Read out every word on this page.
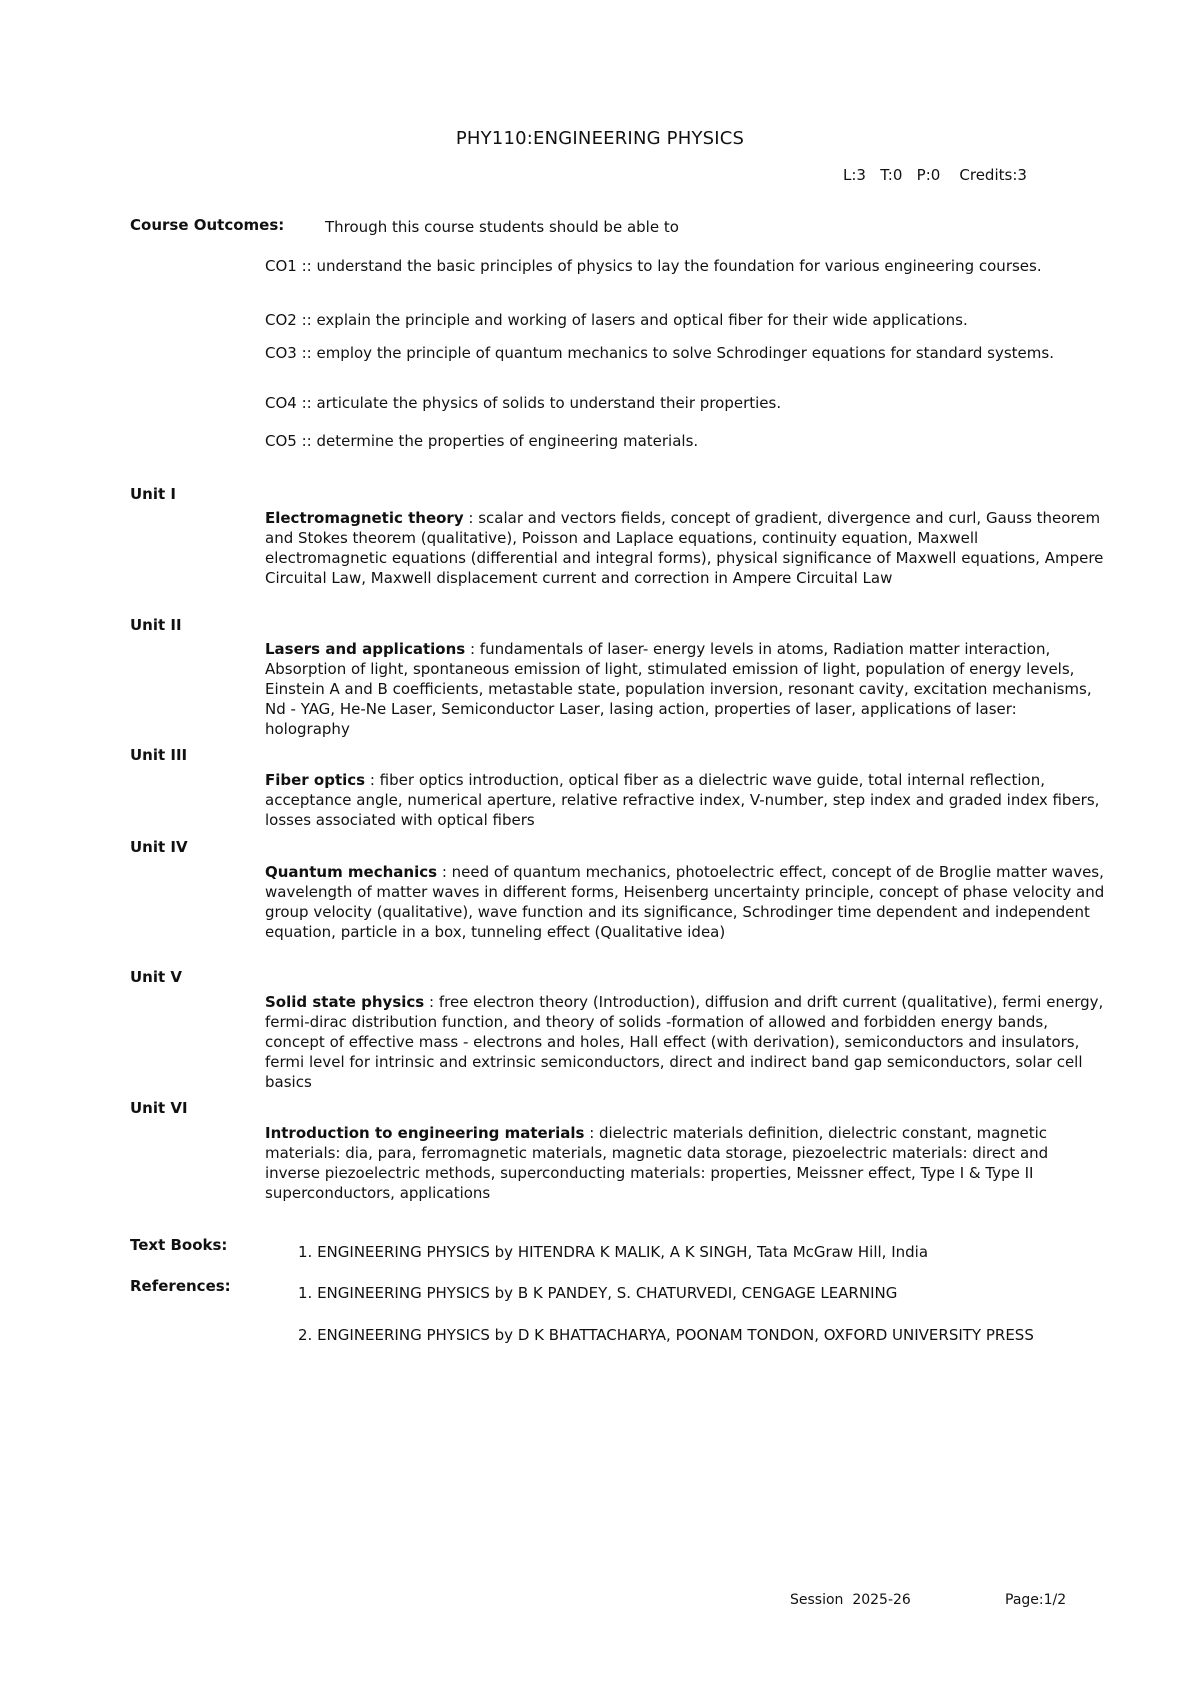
PHY110:ENGINEERING PHYSICS
L:3   T:0   P:0    Credits:3
Course Outcomes:	Through this course students should be able to
CO1 :: understand the basic principles of physics to lay the foundation for various engineering courses.
CO2 :: explain the principle and working of lasers and optical fiber for their wide applications.
CO3 :: employ the principle of quantum mechanics to solve Schrodinger equations for standard systems.
CO4 :: articulate the physics of solids to understand their properties.
CO5 :: determine the properties of engineering materials.
Unit I
Electromagnetic theory : scalar and vectors fields, concept of gradient, divergence and curl, Gauss theorem and Stokes theorem (qualitative), Poisson and Laplace equations, continuity equation, Maxwell electromagnetic equations (differential and integral forms), physical significance of Maxwell equations, Ampere Circuital Law, Maxwell displacement current and correction in Ampere Circuital Law
Unit II
Lasers and applications : fundamentals of laser- energy levels in atoms, Radiation matter interaction, Absorption of light, spontaneous emission of light, stimulated emission of light, population of energy levels, Einstein A and B coefficients, metastable state, population inversion, resonant cavity, excitation mechanisms, Nd - YAG, He-Ne Laser, Semiconductor Laser, lasing action, properties of laser, applications of laser: holography
Unit III
Fiber optics : fiber optics introduction, optical fiber as a dielectric wave guide, total internal reflection, acceptance angle, numerical aperture, relative refractive index, V-number, step index and graded index fibers, losses associated with optical fibers
Unit IV
Quantum mechanics : need of quantum mechanics, photoelectric effect, concept of de Broglie matter waves, wavelength of matter waves in different forms, Heisenberg uncertainty principle, concept of phase velocity and group velocity (qualitative), wave function and its significance, Schrodinger time dependent and independent equation, particle in a box, tunneling effect (Qualitative idea)
Unit V
Solid state physics : free electron theory (Introduction), diffusion and drift current (qualitative), fermi energy, fermi-dirac distribution function, and theory of solids -formation of allowed and forbidden energy bands, concept of effective mass - electrons and holes, Hall effect (with derivation), semiconductors and insulators, fermi level for intrinsic and extrinsic semiconductors, direct and indirect band gap semiconductors, solar cell basics
Unit VI
Introduction to engineering materials : dielectric materials definition, dielectric constant, magnetic materials: dia, para, ferromagnetic materials, magnetic data storage, piezoelectric materials: direct and inverse piezoelectric methods, superconducting materials: properties, Meissner effect, Type I & Type II superconductors, applications
Text Books:	1. ENGINEERING PHYSICS by HITENDRA K MALIK, A K SINGH, Tata McGraw Hill, India
References:	1. ENGINEERING PHYSICS by B K PANDEY, S. CHATURVEDI, CENGAGE LEARNING
2. ENGINEERING PHYSICS by D K BHATTACHARYA, POONAM TONDON, OXFORD UNIVERSITY PRESS
Session  2025-26	Page:1/2
